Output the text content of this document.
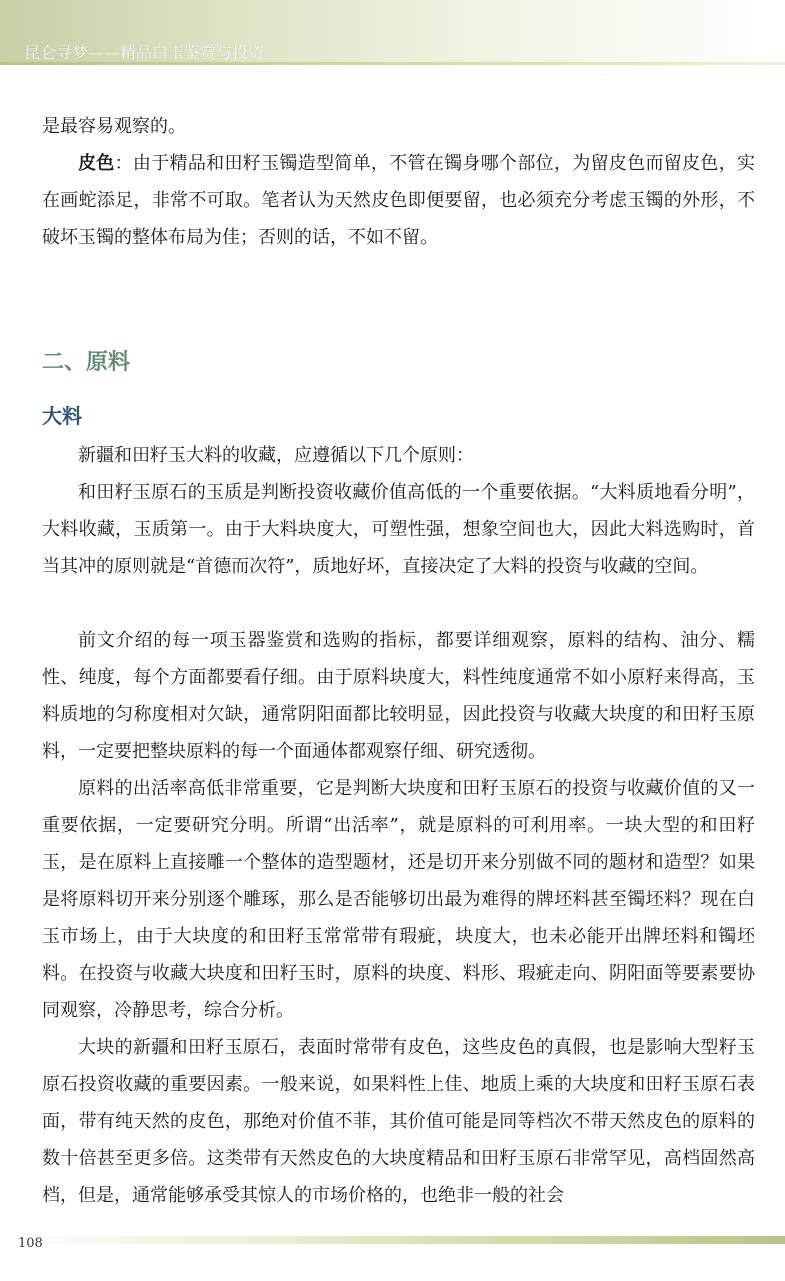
昆仑寻梦——精品白玉鉴赏与投资

是最容易观察的。

皮色：由于精品和田籽玉镯造型简单，不管在镯身哪个部位，为留皮色而留皮色，实在画蛇添足，非常不可取。笔者认为天然皮色即便要留，也必须充分考虑玉镯的外形，不破坏玉镯的整体布局为佳；否则的话，不如不留。

二、原料
大料

新疆和田籽玉大料的收藏，应遵循以下几个原则：

和田籽玉原石的玉质是判断投资收藏价值高低的一个重要依据。“大料质地看分明”，大料收藏，玉质第一。由于大料块度大，可塑性强，想象空间也大，因此大料选购时，首当其冲的原则就是“首德而次符”，质地好坏，直接决定了大料的投资与收藏的空间。

前文介绍的每一项玉器鉴赏和选购的指标，都要详细观察，原料的结构、油分、糯性、纯度，每个方面都要看仔细。由于原料块度大，料性纯度通常不如小原籽来得高，玉料质地的匀称度相对欠缺，通常阴阳面都比较明显，因此投资与收藏大块度的和田籽玉原料，一定要把整块原料的每一个面通体都观察仔细、研究透彻。

原料的出活率高低非常重要，它是判断大块度和田籽玉原石的投资与收藏价值的又一重要依据，一定要研究分明。所谓“出活率”，就是原料的可利用率。一块大型的和田籽玉，是在原料上直接雕一个整体的造型题材，还是切开来分别做不同的题材和造型？如果是将原料切开来分别逐个雕琢，那么是否能够切出最为难得的牌坯料甚至镯坯料？现在白玉市场上，由于大块度的和田籽玉常常带有瑕疵，块度大，也未必能开出牌坯料和镯坯料。在投资与收藏大块度和田籽玉时，原料的块度、料形、瑕疵走向、阴阳面等要素要协同观察，冷静思考，综合分析。

大块的新疆和田籽玉原石，表面时常带有皮色，这些皮色的真假，也是影响大型籽玉原石投资收藏的重要因素。一般来说，如果料性上佳、地质上乘的大块度和田籽玉原石表面，带有纯天然的皮色，那绝对价值不菲，其价值可能是同等档次不带天然皮色的原料的数十倍甚至更多倍。这类带有天然皮色的大块度精品和田籽玉原石非常罕见，高档固然高档，但是，通常能够承受其惊人的市场价格的，也绝非一般的社会

108
